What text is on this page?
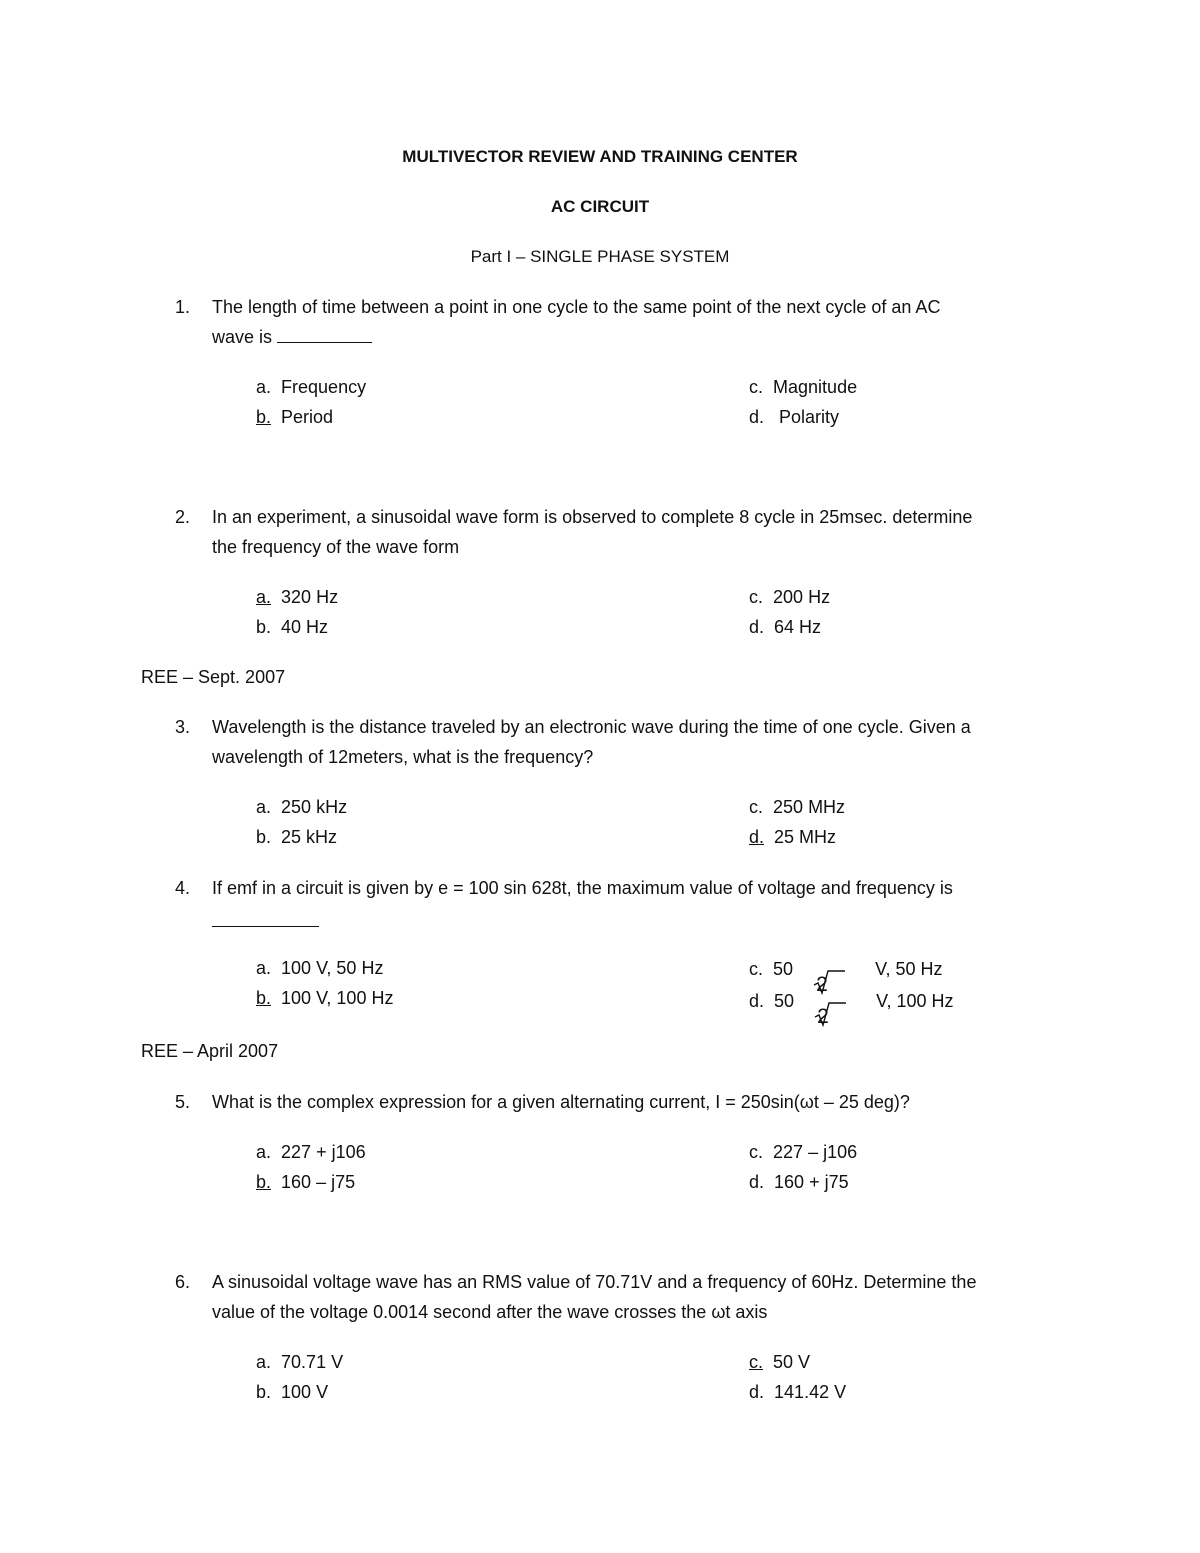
MULTIVECTOR REVIEW AND TRAINING CENTER
AC CIRCUIT
Part I – SINGLE PHASE SYSTEM
1. The length of time between a point in one cycle to the same point of the next cycle of an AC
wave is
a. Frequency
b. Period
c. Magnitude
d. Polarity
2. In an experiment, a sinusoidal wave form is observed to complete 8 cycle in 25msec. determine
the frequency of the wave form
a. 320 Hz
b. 40 Hz
c. 200 Hz
d. 64 Hz
REE – Sept. 2007
3. Wavelength is the distance traveled by an electronic wave during the time of one cycle. Given a
wavelength of 12meters, what is the frequency?
a. 250 kHz
b. 25 kHz
c. 250 MHz
d. 25 MHz
4. If emf in a circuit is given by e = 100 sin 628t, the maximum value of voltage and frequency is
a. 100 V, 50 Hz
b. 100 V, 100 Hz
c. 50
2
V, 50 Hz
d. 50
2
V, 100 Hz
REE – April 2007
5. What is the complex expression for a given alternating current, I = 250sin(ωt – 25 deg)?
a. 227 + j106
b. 160 – j75
c. 227 – j106
d. 160 + j75
6. A sinusoidal voltage wave has an RMS value of 70.71V and a frequency of 60Hz. Determine the
value of the voltage 0.0014 second after the wave crosses the ωt axis
a. 70.71 V
b. 100 V
c. 50 V
d. 141.42 V
